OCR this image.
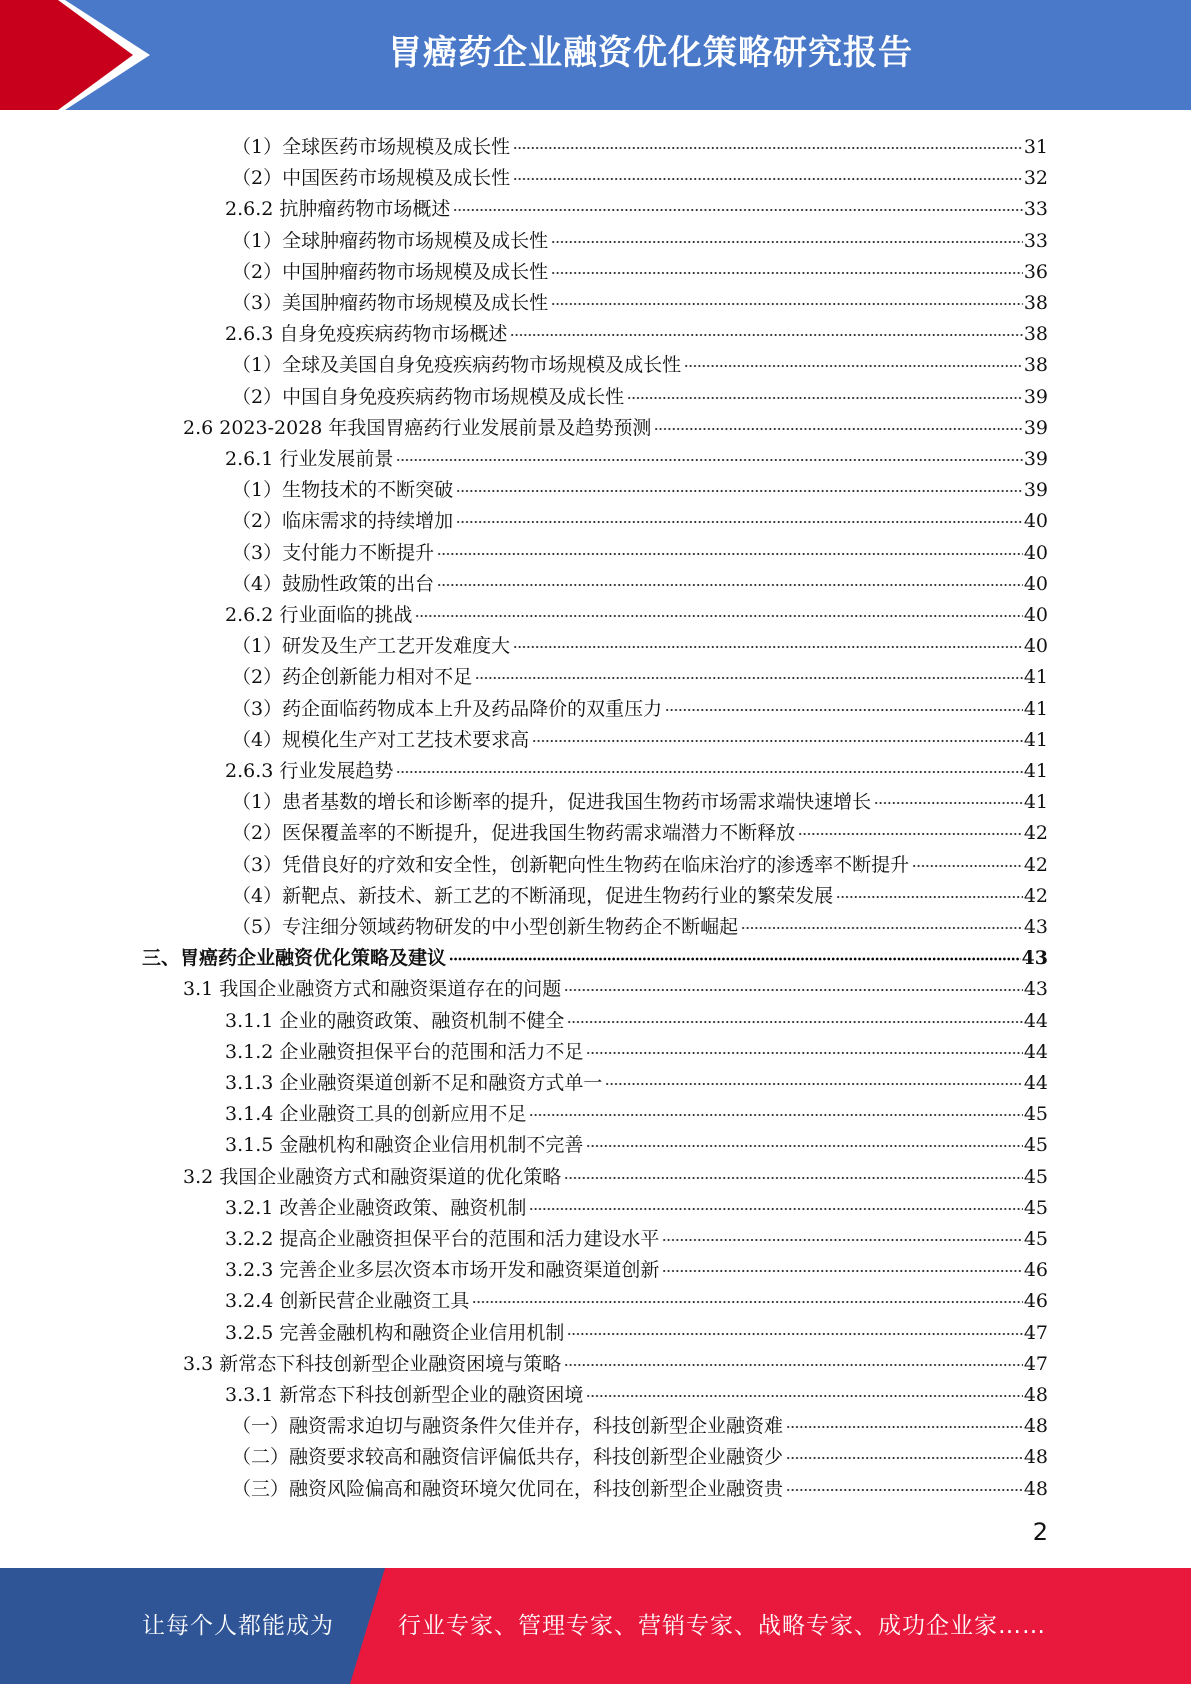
胃癌药企业融资优化策略研究报告
（1）全球医药市场规模及成长性	31
（2）中国医药市场规模及成长性	32
2.6.2 抗肿瘤药物市场概述	33
（1）全球肿瘤药物市场规模及成长性	33
（2）中国肿瘤药物市场规模及成长性	36
（3）美国肿瘤药物市场规模及成长性	38
2.6.3 自身免疫疾病药物市场概述	38
（1）全球及美国自身免疫疾病药物市场规模及成长性	38
（2）中国自身免疫疾病药物市场规模及成长性	39
2.6 2023-2028 年我国胃癌药行业发展前景及趋势预测	39
2.6.1 行业发展前景	39
（1）生物技术的不断突破	39
（2）临床需求的持续增加	40
（3）支付能力不断提升	40
（4）鼓励性政策的出台	40
2.6.2 行业面临的挑战	40
（1）研发及生产工艺开发难度大	40
（2）药企创新能力相对不足	41
（3）药企面临药物成本上升及药品降价的双重压力	41
（4）规模化生产对工艺技术要求高	41
2.6.3 行业发展趋势	41
（1）患者基数的增长和诊断率的提升，促进我国生物药市场需求端快速增长	41
（2）医保覆盖率的不断提升，促进我国生物药需求端潜力不断释放	42
（3）凭借良好的疗效和安全性，创新靶向性生物药在临床治疗的渗透率不断提升	42
（4）新靶点、新技术、新工艺的不断涌现，促进生物药行业的繁荣发展	42
（5）专注细分领域药物研发的中小型创新生物药企不断崛起	43
三、胃癌药企业融资优化策略及建议	43
3.1 我国企业融资方式和融资渠道存在的问题	43
3.1.1 企业的融资政策、融资机制不健全	44
3.1.2 企业融资担保平台的范围和活力不足	44
3.1.3 企业融资渠道创新不足和融资方式单一	44
3.1.4 企业融资工具的创新应用不足	45
3.1.5 金融机构和融资企业信用机制不完善	45
3.2 我国企业融资方式和融资渠道的优化策略	45
3.2.1 改善企业融资政策、融资机制	45
3.2.2 提高企业融资担保平台的范围和活力建设水平	45
3.2.3 完善企业多层次资本市场开发和融资渠道创新	46
3.2.4 创新民营企业融资工具	46
3.2.5 完善金融机构和融资企业信用机制	47
3.3 新常态下科技创新型企业融资困境与策略	47
3.3.1 新常态下科技创新型企业的融资困境	48
（一）融资需求迫切与融资条件欠佳并存，科技创新型企业融资难	48
（二）融资要求较高和融资信评偏低共存，科技创新型企业融资少	48
（三）融资风险偏高和融资环境欠优同在，科技创新型企业融资贵	48
2
让每个人都能成为	行业专家、管理专家、营销专家、战略专家、成功企业家……
